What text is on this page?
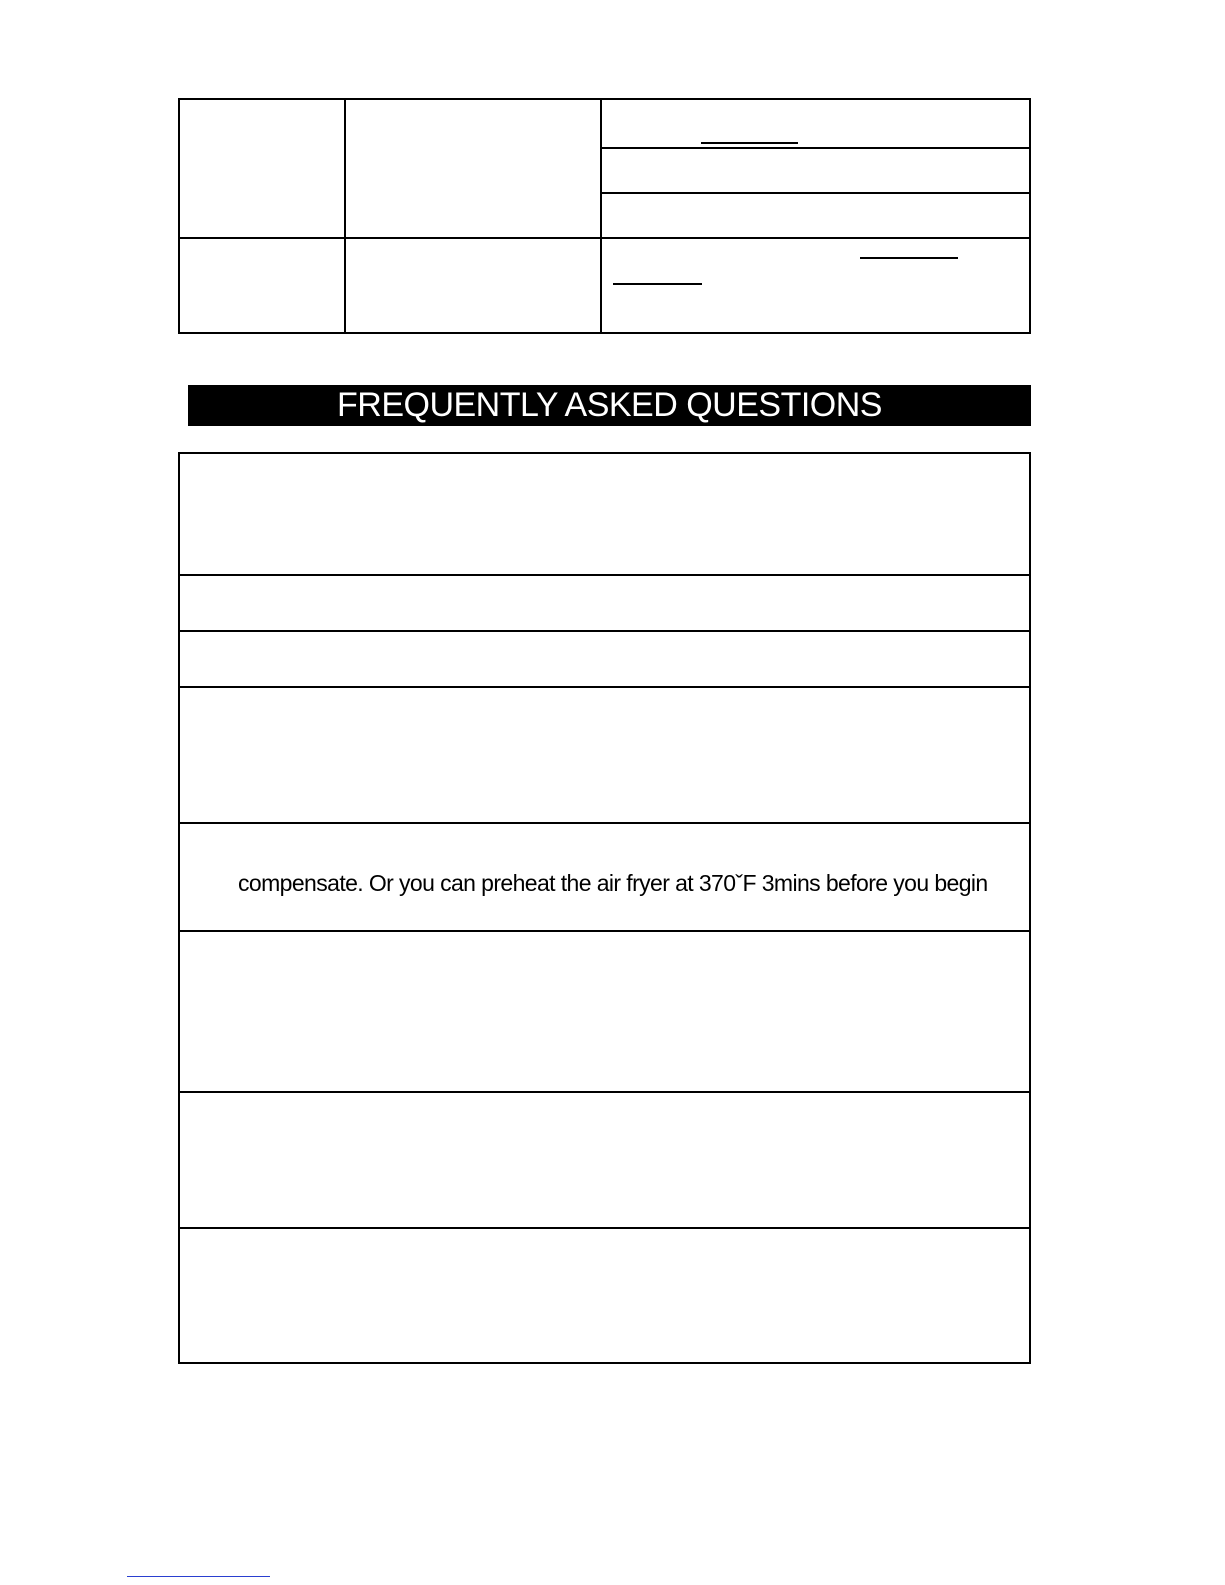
FREQUENTLY ASKED QUESTIONS
compensate. Or you can preheat the air fryer at 370ˇF 3mins before you begin
